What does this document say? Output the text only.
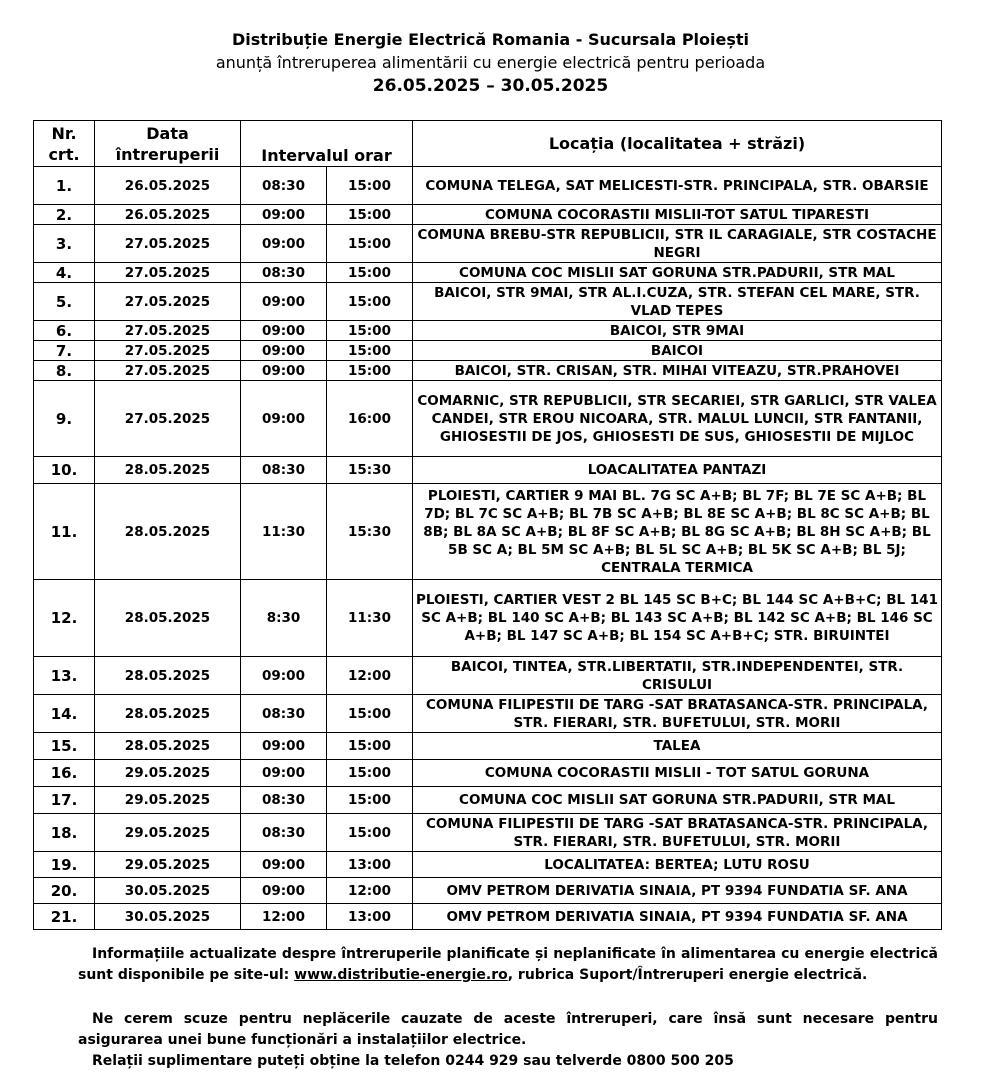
Distribuție Energie Electrică Romania - Sucursala Ploiești
anunță întreruperea alimentării cu energie electrică pentru perioada
26.05.2025 – 30.05.2025
Nr. crt.	Data întreruperii	Intervalul orar		Locația (localitatea + străzi)
1.	26.05.2025	08:30	15:00	COMUNA TELEGA, SAT MELICESTI-STR. PRINCIPALA, STR. OBARSIE
2.	26.05.2025	09:00	15:00	COMUNA COCORASTII MISLII-TOT SATUL TIPARESTI
3.	27.05.2025	09:00	15:00	COMUNA BREBU-STR REPUBLICII, STR IL CARAGIALE, STR COSTACHE NEGRI
4.	27.05.2025	08:30	15:00	COMUNA COC MISLII SAT GORUNA STR.PADURII, STR MAL
5.	27.05.2025	09:00	15:00	BAICOI, STR 9MAI, STR AL.I.CUZA, STR. STEFAN CEL MARE, STR. VLAD TEPES
6.	27.05.2025	09:00	15:00	BAICOI, STR 9MAI
7.	27.05.2025	09:00	15:00	BAICOI
8.	27.05.2025	09:00	15:00	BAICOI, STR. CRISAN, STR. MIHAI VITEAZU, STR.PRAHOVEI
9.	27.05.2025	09:00	16:00	COMARNIC, STR REPUBLICII, STR SECARIEI, STR GARLICI, STR VALEA CANDEI, STR EROU NICOARA, STR. MALUL LUNCII, STR FANTANII, GHIOSESTII DE JOS, GHIOSESTI DE SUS, GHIOSESTII DE MIJLOC
10.	28.05.2025	08:30	15:30	LOACALITATEA PANTAZI
11.	28.05.2025	11:30	15:30	PLOIESTI, CARTIER 9 MAI BL. 7G SC A+B; BL 7F; BL 7E SC A+B; BL 7D; BL 7C SC A+B; BL 7B SC A+B; BL 8E SC A+B; BL 8C SC A+B; BL 8B; BL 8A SC A+B; BL 8F SC A+B; BL 8G SC A+B; BL 8H SC A+B; BL 5B SC A; BL 5M SC A+B; BL 5L SC A+B; BL 5K SC A+B; BL 5J; CENTRALA TERMICA
12.	28.05.2025	8:30	11:30	PLOIESTI, CARTIER VEST 2 BL 145 SC B+C; BL 144 SC A+B+C; BL 141 SC A+B; BL 140 SC A+B; BL 143 SC A+B; BL 142 SC A+B; BL 146 SC A+B; BL 147 SC A+B; BL 154 SC A+B+C; STR. BIRUINTEI
13.	28.05.2025	09:00	12:00	BAICOI, TINTEA, STR.LIBERTATII, STR.INDEPENDENTEI, STR. CRISULUI
14.	28.05.2025	08:30	15:00	COMUNA FILIPESTII DE TARG -SAT BRATASANCA-STR. PRINCIPALA, STR. FIERARI, STR. BUFETULUI, STR. MORII
15.	28.05.2025	09:00	15:00	TALEA
16.	29.05.2025	09:00	15:00	COMUNA COCORASTII MISLII - TOT SATUL GORUNA
17.	29.05.2025	08:30	15:00	COMUNA COC MISLII SAT GORUNA STR.PADURII, STR MAL
18.	29.05.2025	08:30	15:00	COMUNA FILIPESTII DE TARG -SAT BRATASANCA-STR. PRINCIPALA, STR. FIERARI, STR. BUFETULUI, STR. MORII
19.	29.05.2025	09:00	13:00	LOCALITATEA: BERTEA; LUTU ROSU
20.	30.05.2025	09:00	12:00	OMV PETROM DERIVATIA SINAIA, PT 9394 FUNDATIA SF. ANA
21.	30.05.2025	12:00	13:00	OMV PETROM DERIVATIA SINAIA, PT 9394 FUNDATIA SF. ANA
Informațiile actualizate despre întreruperile planificate și neplanificate în alimentarea cu energie electrică sunt disponibile pe site-ul: www.distributie-energie.ro, rubrica Suport/Întreruperi energie electrică.
Ne cerem scuze pentru neplăcerile cauzate de aceste întreruperi, care însă sunt necesare pentru asigurarea unei bune funcționări a instalațiilor electrice.
Relații suplimentare puteți obține la telefon 0244 929 sau telverde 0800 500 205
